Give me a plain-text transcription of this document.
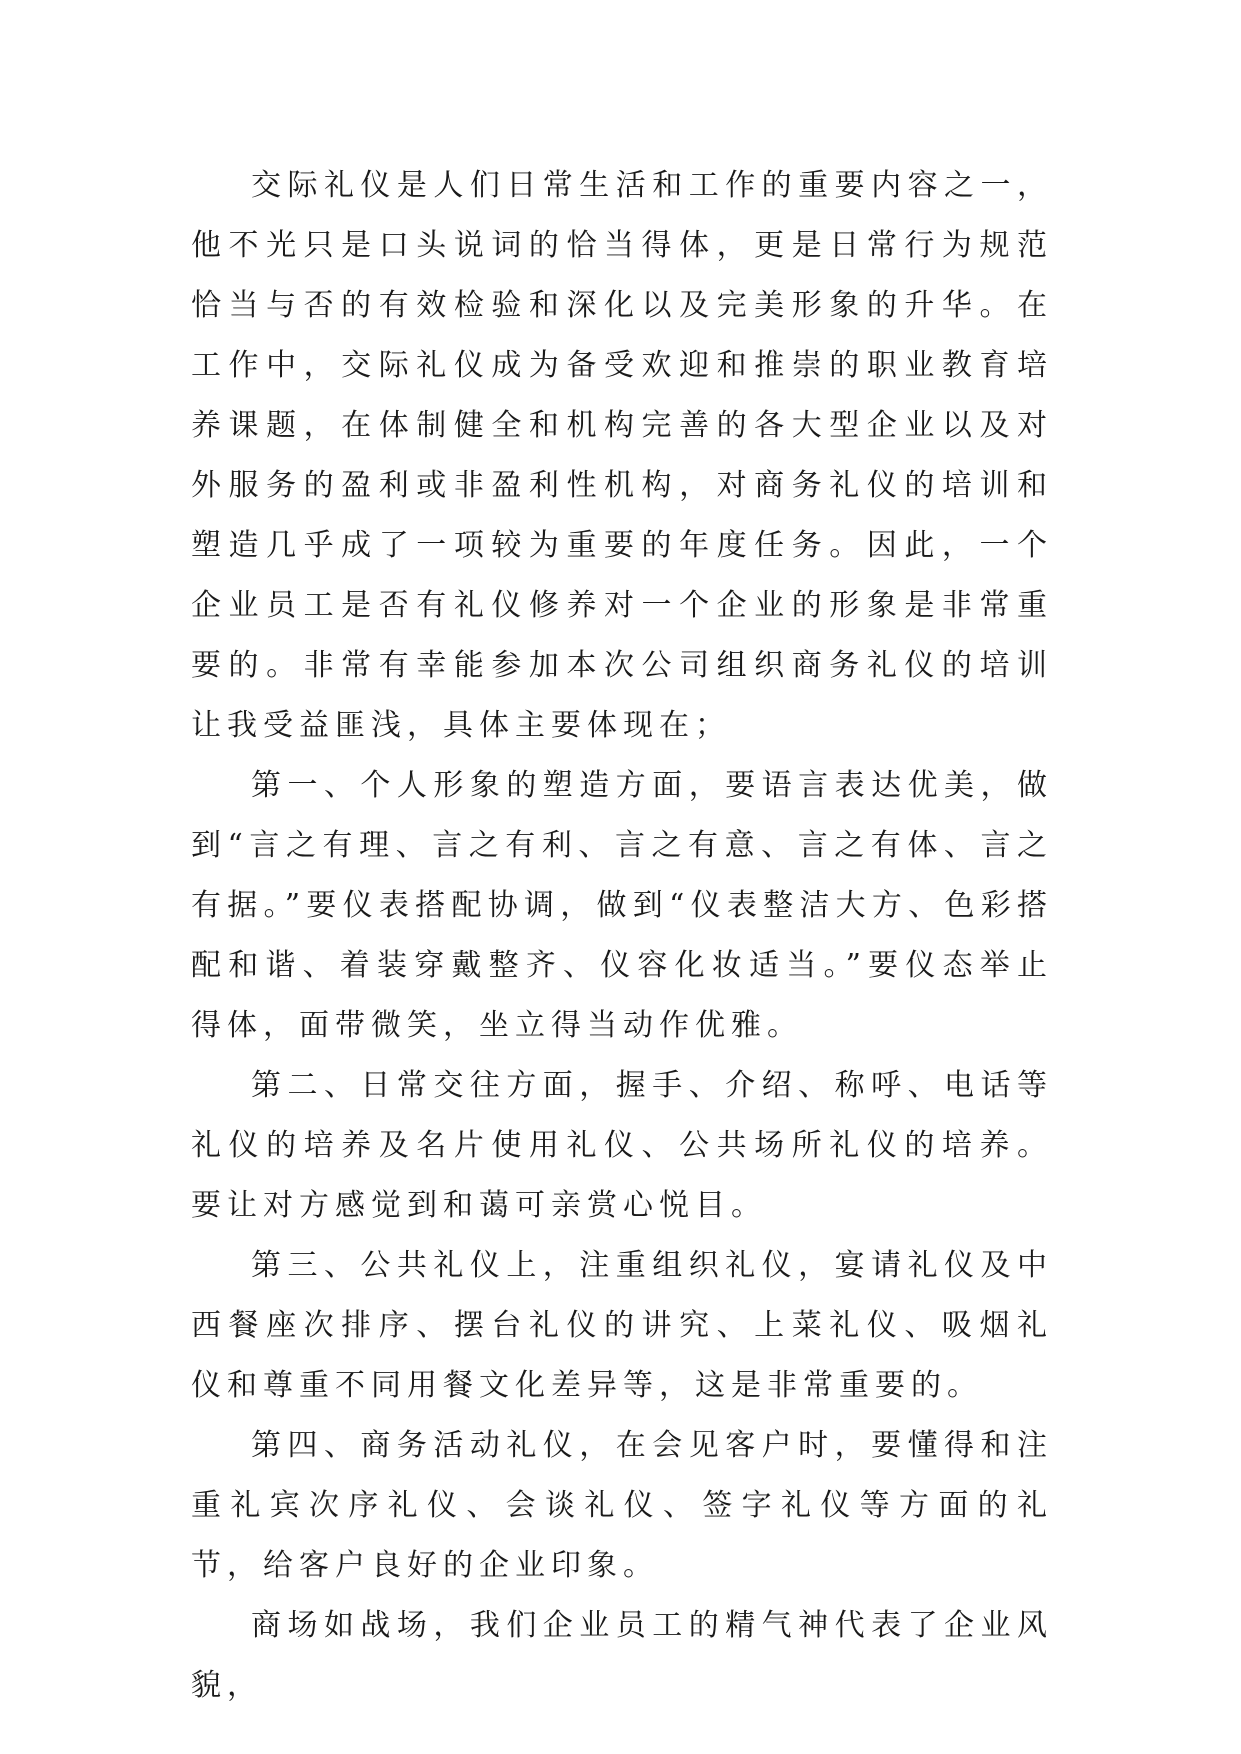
交际礼仪是人们日常生活和工作的重要内容之一，他不光只是口头说词的恰当得体，更是日常行为规范恰当与否的有效检验和深化以及完美形象的升华。在工作中，交际礼仪成为备受欢迎和推崇的职业教育培养课题，在体制健全和机构完善的各大型企业以及对外服务的盈利或非盈利性机构，对商务礼仪的培训和塑造几乎成了一项较为重要的年度任务。因此，一个企业员工是否有礼仪修养对一个企业的形象是非常重要的。非常有幸能参加本次公司组织商务礼仪的培训让我受益匪浅，具体主要体现在；

第一、个人形象的塑造方面，要语言表达优美，做到“言之有理、言之有利、言之有意、言之有体、言之有据。”要仪表搭配协调，做到“仪表整洁大方、色彩搭配和谐、着装穿戴整齐、仪容化妆适当。”要仪态举止得体，面带微笑，坐立得当动作优雅。

第二、日常交往方面，握手、介绍、称呼、电话等礼仪的培养及名片使用礼仪、公共场所礼仪的培养。要让对方感觉到和蔼可亲赏心悦目。

第三、公共礼仪上，注重组织礼仪，宴请礼仪及中西餐座次排序、摆台礼仪的讲究、上菜礼仪、吸烟礼仪和尊重不同用餐文化差异等，这是非常重要的。

第四、商务活动礼仪，在会见客户时，要懂得和注重礼宾次序礼仪、会谈礼仪、签字礼仪等方面的礼节，给客户良好的企业印象。

商场如战场，我们企业员工的精气神代表了企业风貌，
